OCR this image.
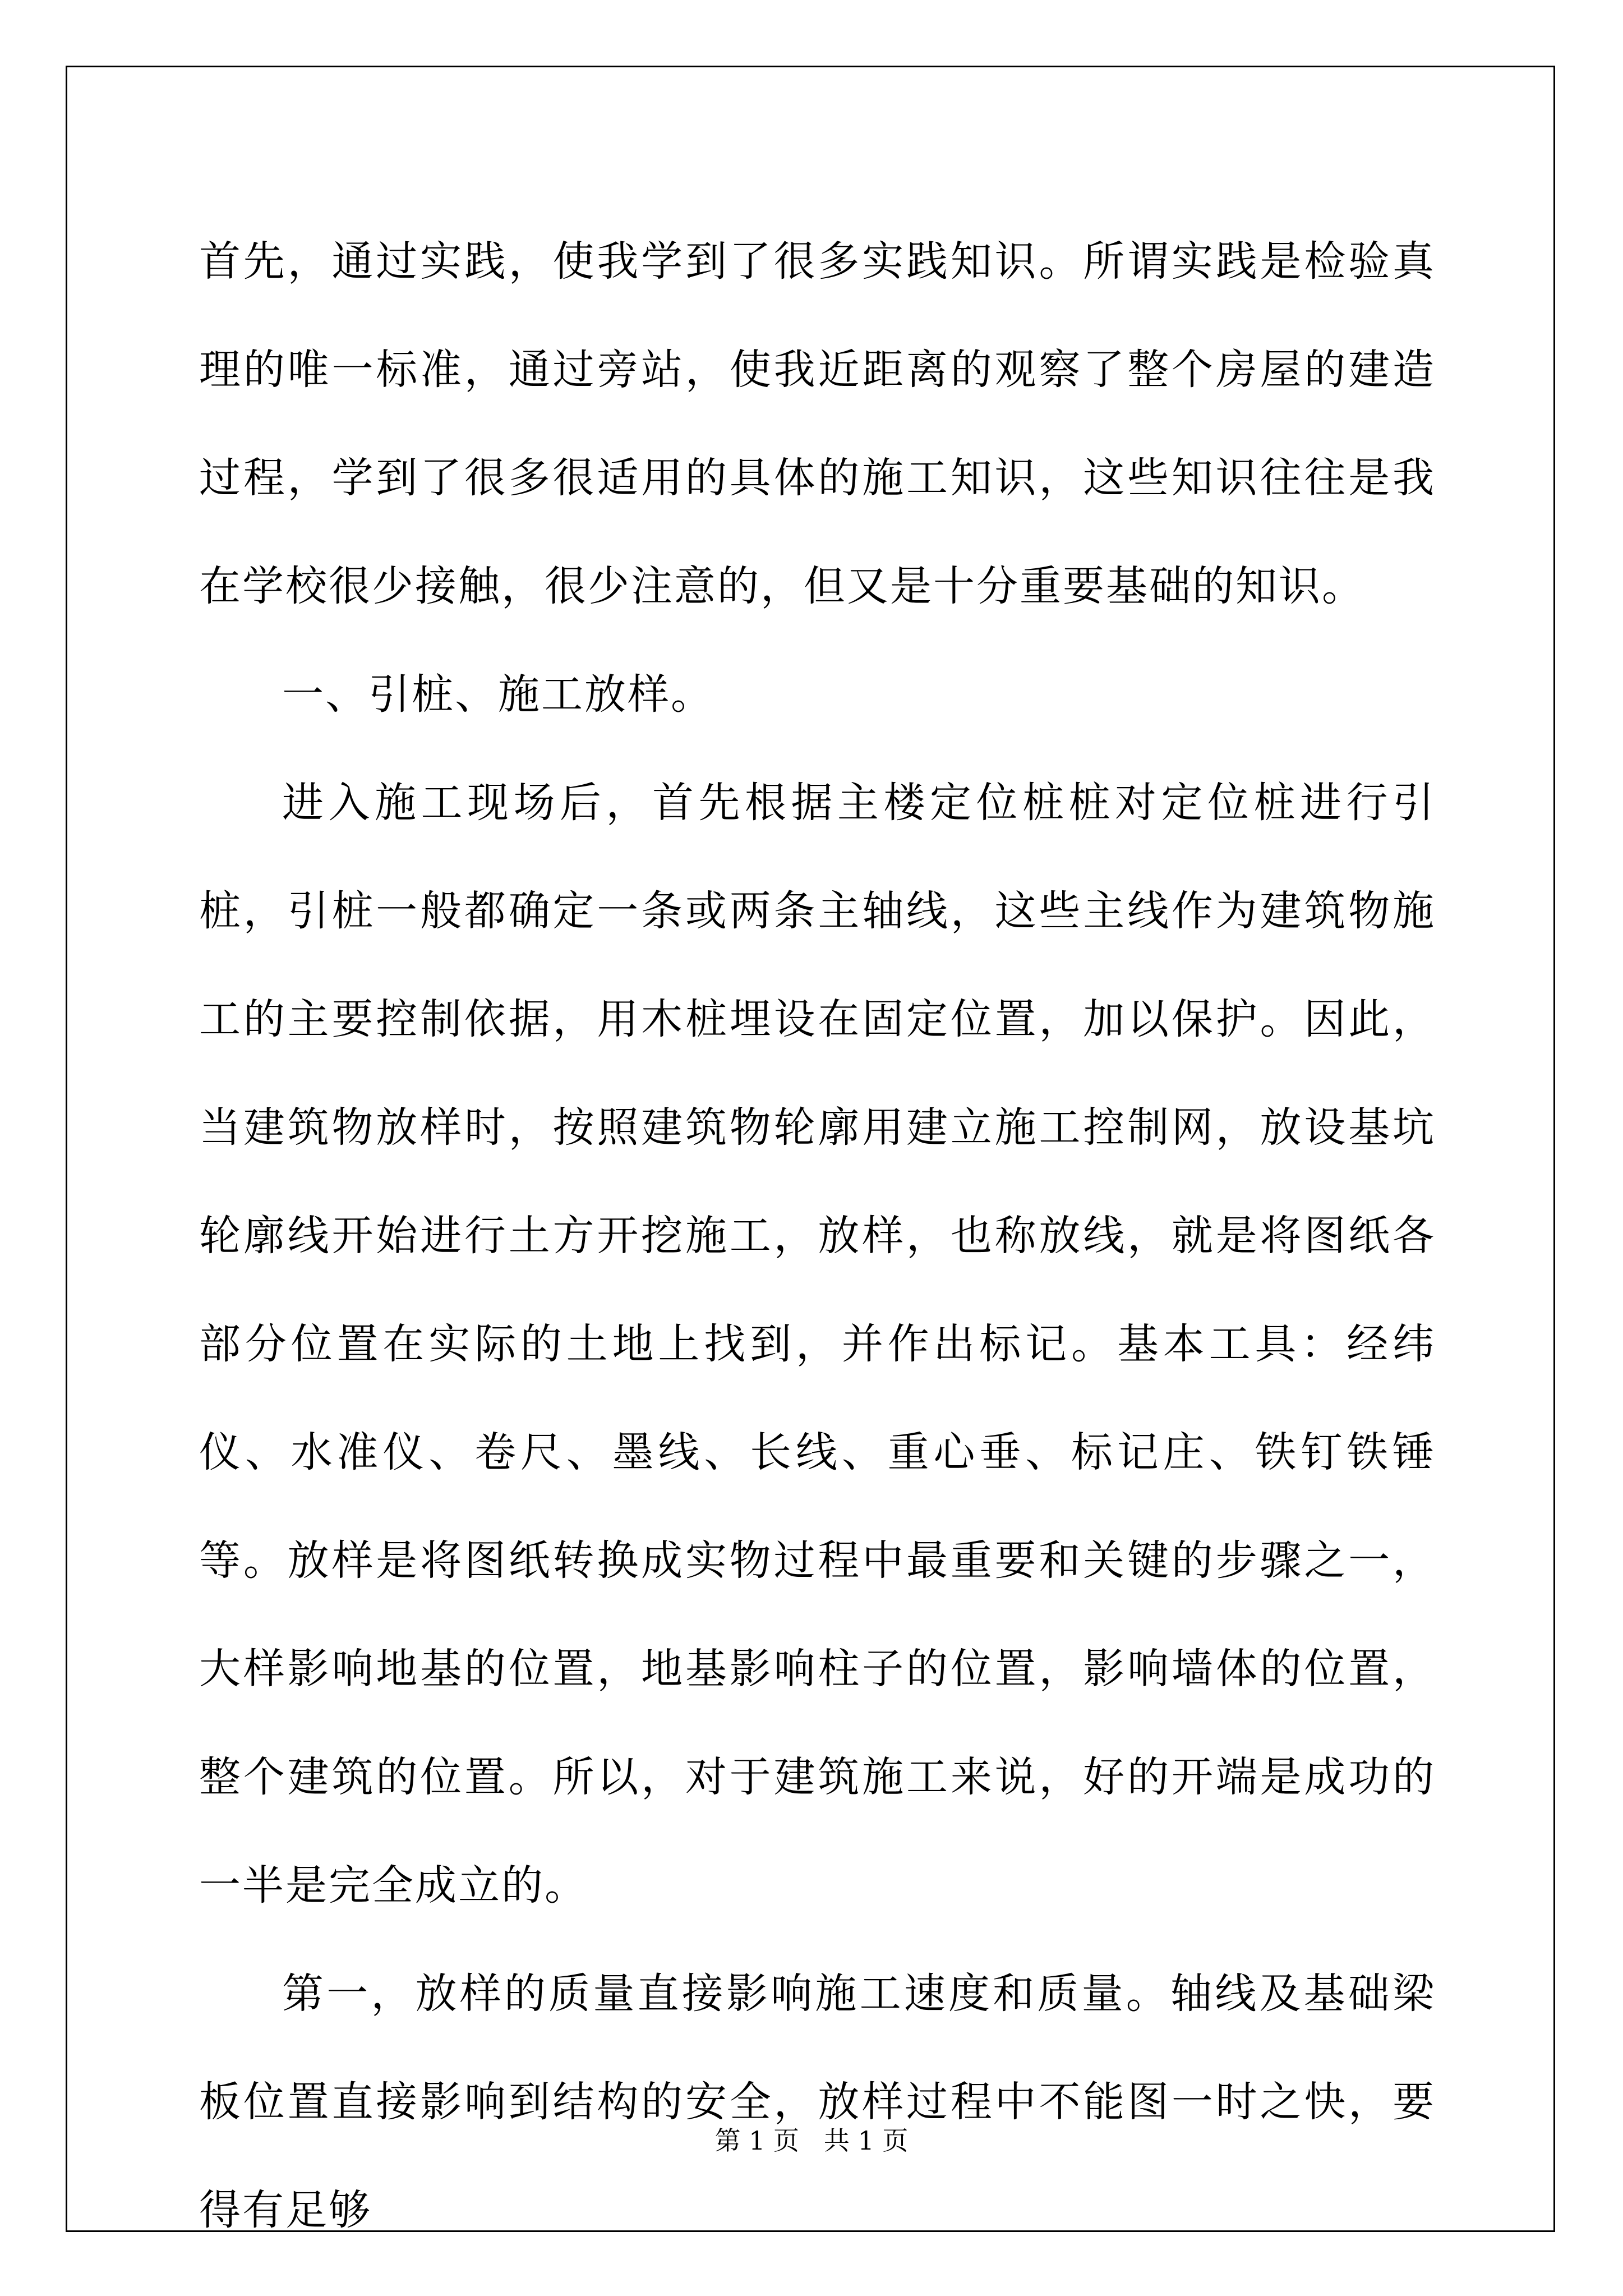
首先，通过实践，使我学到了很多实践知识。所谓实践是检验真理的唯一标准，通过旁站，使我近距离的观察了整个房屋的建造过程，学到了很多很适用的具体的施工知识，这些知识往往是我在学校很少接触，很少注意的，但又是十分重要基础的知识。

一、引桩、施工放样。

进入施工现场后，首先根据主楼定位桩桩对定位桩进行引桩，引桩一般都确定一条或两条主轴线，这些主线作为建筑物施工的主要控制依据，用木桩埋设在固定位置，加以保护。因此，当建筑物放样时，按照建筑物轮廓用建立施工控制网，放设基坑轮廓线开始进行土方开挖施工，放样，也称放线，就是将图纸各部分位置在实际的土地上找到，并作出标记。基本工具：经纬仪、水准仪、卷尺、墨线、长线、重心垂、标记庄、铁钉铁锤等。放样是将图纸转换成实物过程中最重要和关键的步骤之一，大样影响地基的位置，地基影响柱子的位置，影响墙体的位置，整个建筑的位置。所以，对于建筑施工来说，好的开端是成功的一半是完全成立的。

第一，放样的质量直接影响施工速度和质量。轴线及基础梁板位置直接影响到结构的安全，放样过程中不能图一时之快，要得有足够

第 1 页   共 1 页
